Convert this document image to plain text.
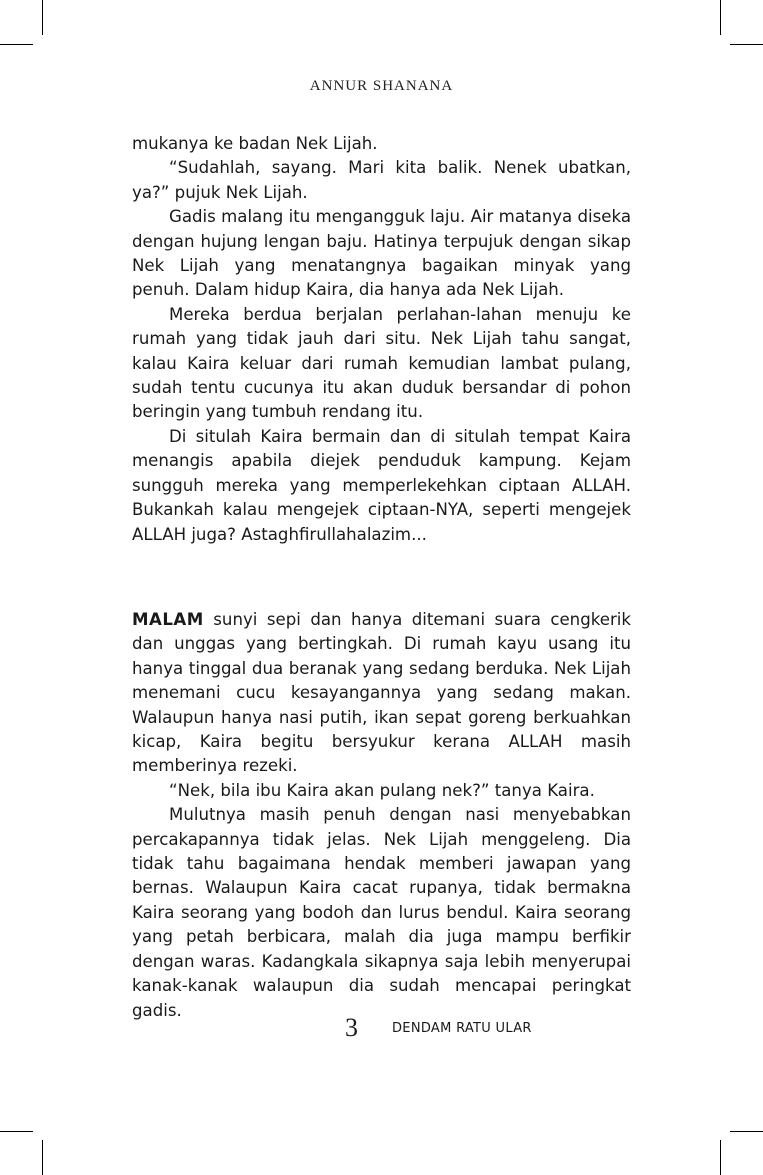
ANNUR SHANANA

mukanya ke badan Nek Lijah.

“Sudahlah, sayang. Mari kita balik. Nenek ubatkan, ya?” pujuk Nek Lijah.

Gadis malang itu mengangguk laju. Air matanya diseka dengan hujung lengan baju. Hatinya terpujuk dengan sikap Nek Lijah yang menatangnya bagaikan minyak yang penuh. Dalam hidup Kaira, dia hanya ada Nek Lijah.

Mereka berdua berjalan perlahan-lahan menuju ke rumah yang tidak jauh dari situ. Nek Lijah tahu sangat, kalau Kaira keluar dari rumah kemudian lambat pulang, sudah tentu cucunya itu akan duduk bersandar di pohon beringin yang tumbuh rendang itu.

Di situlah Kaira bermain dan di situlah tempat Kaira menangis apabila diejek penduduk kampung. Kejam sungguh mereka yang memperlekehkan ciptaan ALLAH. Bukankah kalau mengejek ciptaan-NYA, seperti mengejek ALLAH juga? Astaghfirullahalazim...

MALAM sunyi sepi dan hanya ditemani suara cengkerik dan unggas yang bertingkah. Di rumah kayu usang itu hanya tinggal dua beranak yang sedang berduka. Nek Lijah menemani cucu kesayangannya yang sedang makan. Walaupun hanya nasi putih, ikan sepat goreng berkuahkan kicap, Kaira begitu bersyukur kerana ALLAH masih memberinya rezeki.

“Nek, bila ibu Kaira akan pulang nek?” tanya Kaira.

Mulutnya masih penuh dengan nasi menyebabkan percakapannya tidak jelas. Nek Lijah menggeleng. Dia tidak tahu bagaimana hendak memberi jawapan yang bernas. Walaupun Kaira cacat rupanya, tidak bermakna Kaira seorang yang bodoh dan lurus bendul. Kaira seorang yang petah berbicara, malah dia juga mampu berfikir dengan waras. Kadangkala sikapnya saja lebih menyerupai kanak-kanak walaupun dia sudah mencapai peringkat gadis.

3	DENDAM RATU ULAR
